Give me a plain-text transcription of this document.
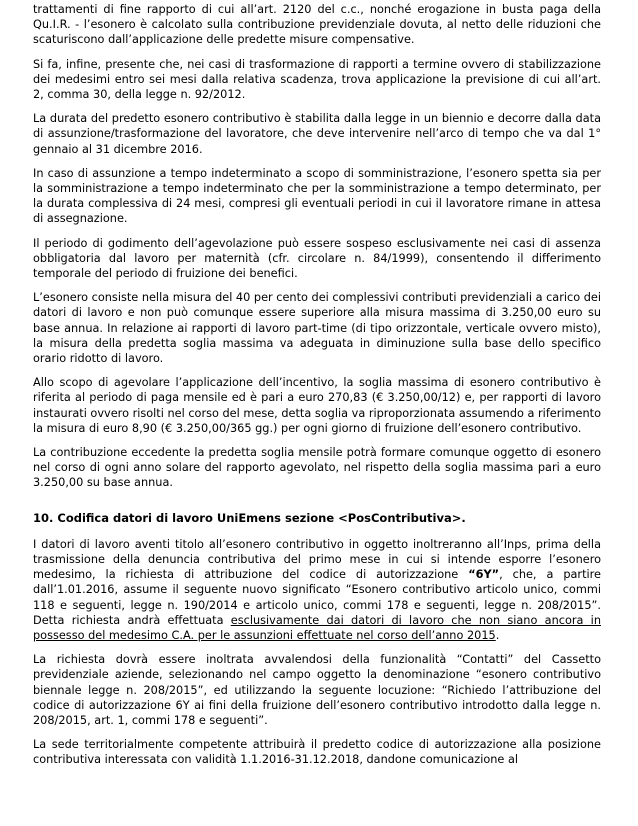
trattamenti di fine rapporto di cui all’art. 2120 del c.c., nonché erogazione in busta paga della Qu.I.R. - l’esonero è calcolato sulla contribuzione previdenziale dovuta, al netto delle riduzioni che scaturiscono dall’applicazione delle predette misure compensative.

Si fa, infine, presente che, nei casi di trasformazione di rapporti a termine ovvero di stabilizzazione dei medesimi entro sei mesi dalla relativa scadenza, trova applicazione la previsione di cui all’art. 2, comma 30, della legge n. 92/2012.

La durata del predetto esonero contributivo è stabilita dalla legge in un biennio e decorre dalla data di assunzione/trasformazione del lavoratore, che deve intervenire nell’arco di tempo che va dal 1° gennaio al 31 dicembre 2016.

In caso di assunzione a tempo indeterminato a scopo di somministrazione, l’esonero spetta sia per la somministrazione a tempo indeterminato che per la somministrazione a tempo determinato, per la durata complessiva di 24 mesi, compresi gli eventuali periodi in cui il lavoratore rimane in attesa di assegnazione.

Il periodo di godimento dell’agevolazione può essere sospeso esclusivamente nei casi di assenza obbligatoria dal lavoro per maternità (cfr. circolare n. 84/1999), consentendo il differimento temporale del periodo di fruizione dei benefici.

L’esonero consiste nella misura del 40 per cento dei complessivi contributi previdenziali a carico dei datori di lavoro e non può comunque essere superiore alla misura massima di 3.250,00 euro su base annua. In relazione ai rapporti di lavoro part-time (di tipo orizzontale, verticale ovvero misto), la misura della predetta soglia massima va adeguata in diminuzione sulla base dello specifico orario ridotto di lavoro.

Allo scopo di agevolare l’applicazione dell’incentivo, la soglia massima di esonero contributivo è riferita al periodo di paga mensile ed è pari a euro 270,83 (€ 3.250,00/12) e, per rapporti di lavoro instaurati ovvero risolti nel corso del mese, detta soglia va riproporzionata assumendo a riferimento la misura di euro 8,90 (€ 3.250,00/365 gg.) per ogni giorno di fruizione dell’esonero contributivo.

La contribuzione eccedente la predetta soglia mensile potrà formare comunque oggetto di esonero nel corso di ogni anno solare del rapporto agevolato, nel rispetto della soglia massima pari a euro 3.250,00 su base annua.

10. Codifica datori di lavoro UniEmens sezione <PosContributiva>.

I datori di lavoro aventi titolo all’esonero contributivo in oggetto inoltreranno all’Inps, prima della trasmissione della denuncia contributiva del primo mese in cui si intende esporre l’esonero medesimo, la richiesta di attribuzione del codice di autorizzazione “6Y”, che, a partire dall’1.01.2016, assume il seguente nuovo significato “Esonero contributivo articolo unico, commi 118 e seguenti, legge n. 190/2014 e articolo unico, commi 178 e seguenti, legge n. 208/2015”. Detta richiesta andrà effettuata esclusivamente dai datori di lavoro che non siano ancora in possesso del medesimo C.A. per le assunzioni effettuate nel corso dell’anno 2015.

La richiesta dovrà essere inoltrata avvalendosi della funzionalità “Contatti” del Cassetto previdenziale aziende, selezionando nel campo oggetto la denominazione “esonero contributivo biennale legge n. 208/2015”, ed utilizzando la seguente locuzione: “Richiedo l’attribuzione del codice di autorizzazione 6Y ai fini della fruizione dell’esonero contributivo introdotto dalla legge n. 208/2015, art. 1, commi 178 e seguenti”.

La sede territorialmente competente attribuirà il predetto codice di autorizzazione alla posizione contributiva interessata con validità 1.1.2016-31.12.2018, dandone comunicazione al
